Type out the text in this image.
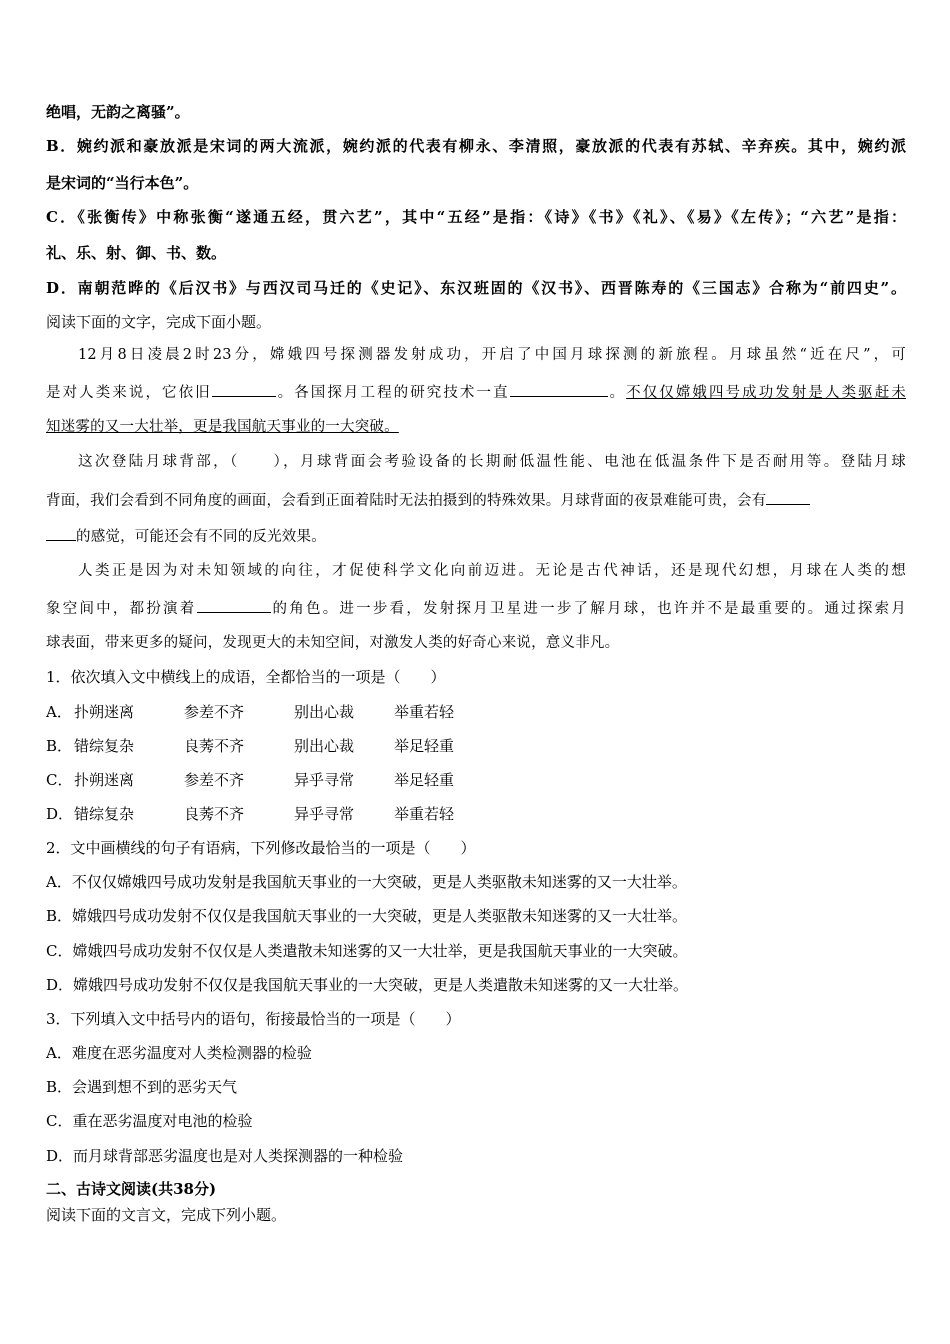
绝唱，无韵之离骚”。
B．婉约派和豪放派是宋词的两大流派，婉约派的代表有柳永、李清照，豪放派的代表有苏轼、辛弃疾。其中，婉约派
是宋词的“当行本色”。
C．《张衡传》中称张衡“遂通五经，贯六艺”，其中“五经”是指：《诗》《书》《礼》、《易》《左传》；“六艺”是指：
礼、乐、射、御、书、数。
D．南朝范晔的《后汉书》与西汉司马迁的《史记》、东汉班固的《汉书》、西晋陈寿的《三国志》合称为“前四史”。
阅读下面的文字，完成下面小题。
12月8日凌晨2时23分，嫦娥四号探测器发射成功，开启了中国月球探测的新旅程。月球虽然“近在尺”，可
是对人类来说，它依旧	。各国探月工程的研究技术一直	。不仅仅嫦娥四号成功发射是人类驱赶未
知迷雾的又一大壮举，更是我国航天事业的一大突破。
这次登陆月球背部，（　　），月球背面会考验设备的长期耐低温性能、电池在低温条件下是否耐用等。登陆月球
背面，我们会看到不同角度的画面，会看到正面着陆时无法拍摄到的特殊效果。月球背面的夜景难能可贵，会有
的感觉，可能还会有不同的反光效果。
人类正是因为对未知领域的向往，才促使科学文化向前迈进。无论是古代神话，还是现代幻想，月球在人类的想
象空间中，都扮演着	的角色。进一步看，发射探月卫星进一步了解月球，也许并不是最重要的。通过探索月
球表面，带来更多的疑问，发现更大的未知空间，对激发人类的好奇心来说，意义非凡。
1．依次填入文中横线上的成语，全都恰当的一项是（　　）
A． 扑朔迷离	参差不齐	别出心裁	举重若轻
B． 错综复杂	良莠不齐	别出心裁	举足轻重
C． 扑朔迷离	参差不齐	异乎寻常	举足轻重
D．错综复杂	良莠不齐	异乎寻常	举重若轻
2．文中画横线的句子有语病，下列修改最恰当的一项是（　　）
A．不仅仅嫦娥四号成功发射是我国航天事业的一大突破，更是人类驱散未知迷雾的又一大壮举。
B．嫦娥四号成功发射不仅仅是我国航天事业的一大突破，更是人类驱散未知迷雾的又一大壮举。
C．嫦娥四号成功发射不仅仅是人类遣散未知迷雾的又一大壮举，更是我国航天事业的一大突破。
D．嫦娥四号成功发射不仅仅是我国航天事业的一大突破，更是人类遣散未知迷雾的又一大壮举。
3．下列填入文中括号内的语句，衔接最恰当的一项是（　　）
A．难度在恶劣温度对人类检测器的检验
B．会遇到想不到的恶劣天气
C．重在恶劣温度对电池的检验
D．而月球背部恶劣温度也是对人类探测器的一种检验
二、古诗文阅读(共38分)
阅读下面的文言文，完成下列小题。
